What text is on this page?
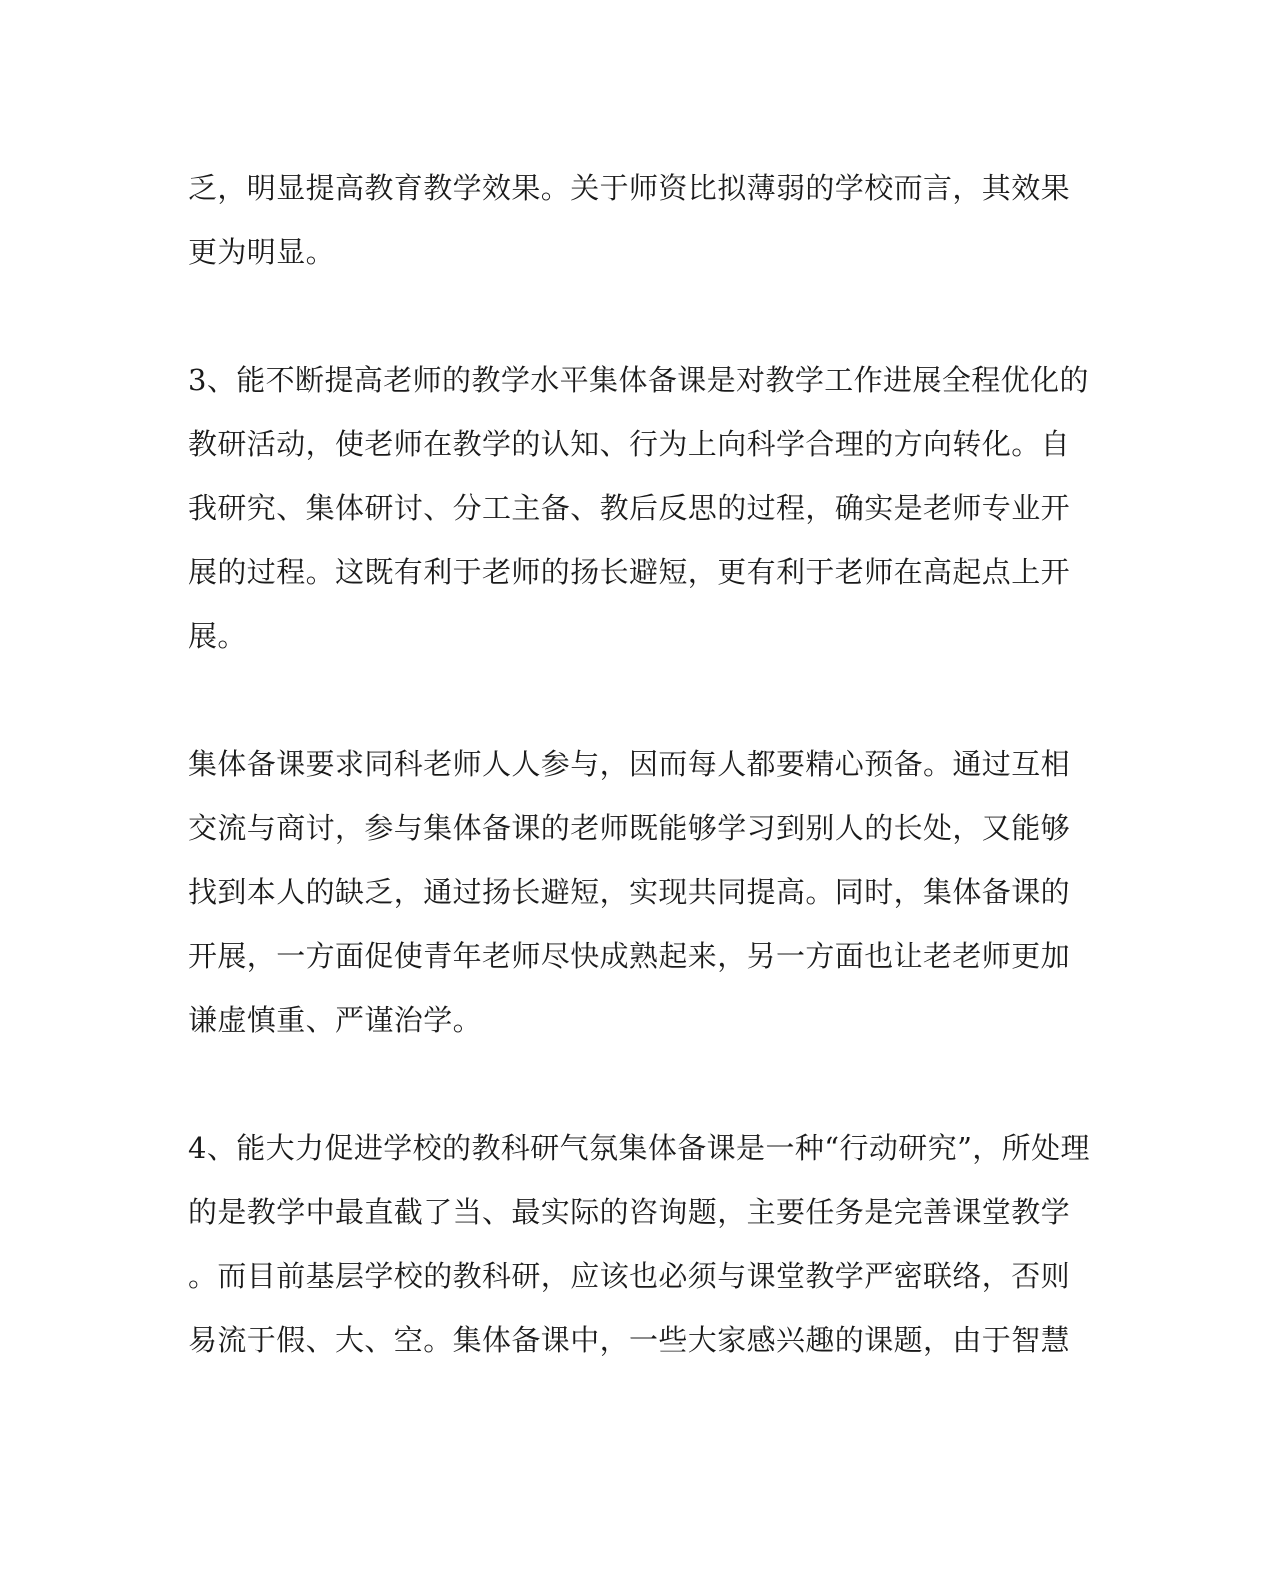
乏，明显提高教育教学效果。关于师资比拟薄弱的学校而言，其效果
更为明显。
3、能不断提高老师的教学水平集体备课是对教学工作进展全程优化的
教研活动，使老师在教学的认知、行为上向科学合理的方向转化。自
我研究、集体研讨、分工主备、教后反思的过程，确实是老师专业开
展的过程。这既有利于老师的扬长避短，更有利于老师在高起点上开
展。
集体备课要求同科老师人人参与，因而每人都要精心预备。通过互相
交流与商讨，参与集体备课的老师既能够学习到别人的长处，又能够
找到本人的缺乏，通过扬长避短，实现共同提高。同时，集体备课的
开展，一方面促使青年老师尽快成熟起来，另一方面也让老老师更加
谦虚慎重、严谨治学。
4、能大力促进学校的教科研气氛集体备课是一种“行动研究”，所处理
的是教学中最直截了当、最实际的咨询题，主要任务是完善课堂教学
。而目前基层学校的教科研，应该也必须与课堂教学严密联络，否则
易流于假、大、空。集体备课中，一些大家感兴趣的课题，由于智慧
